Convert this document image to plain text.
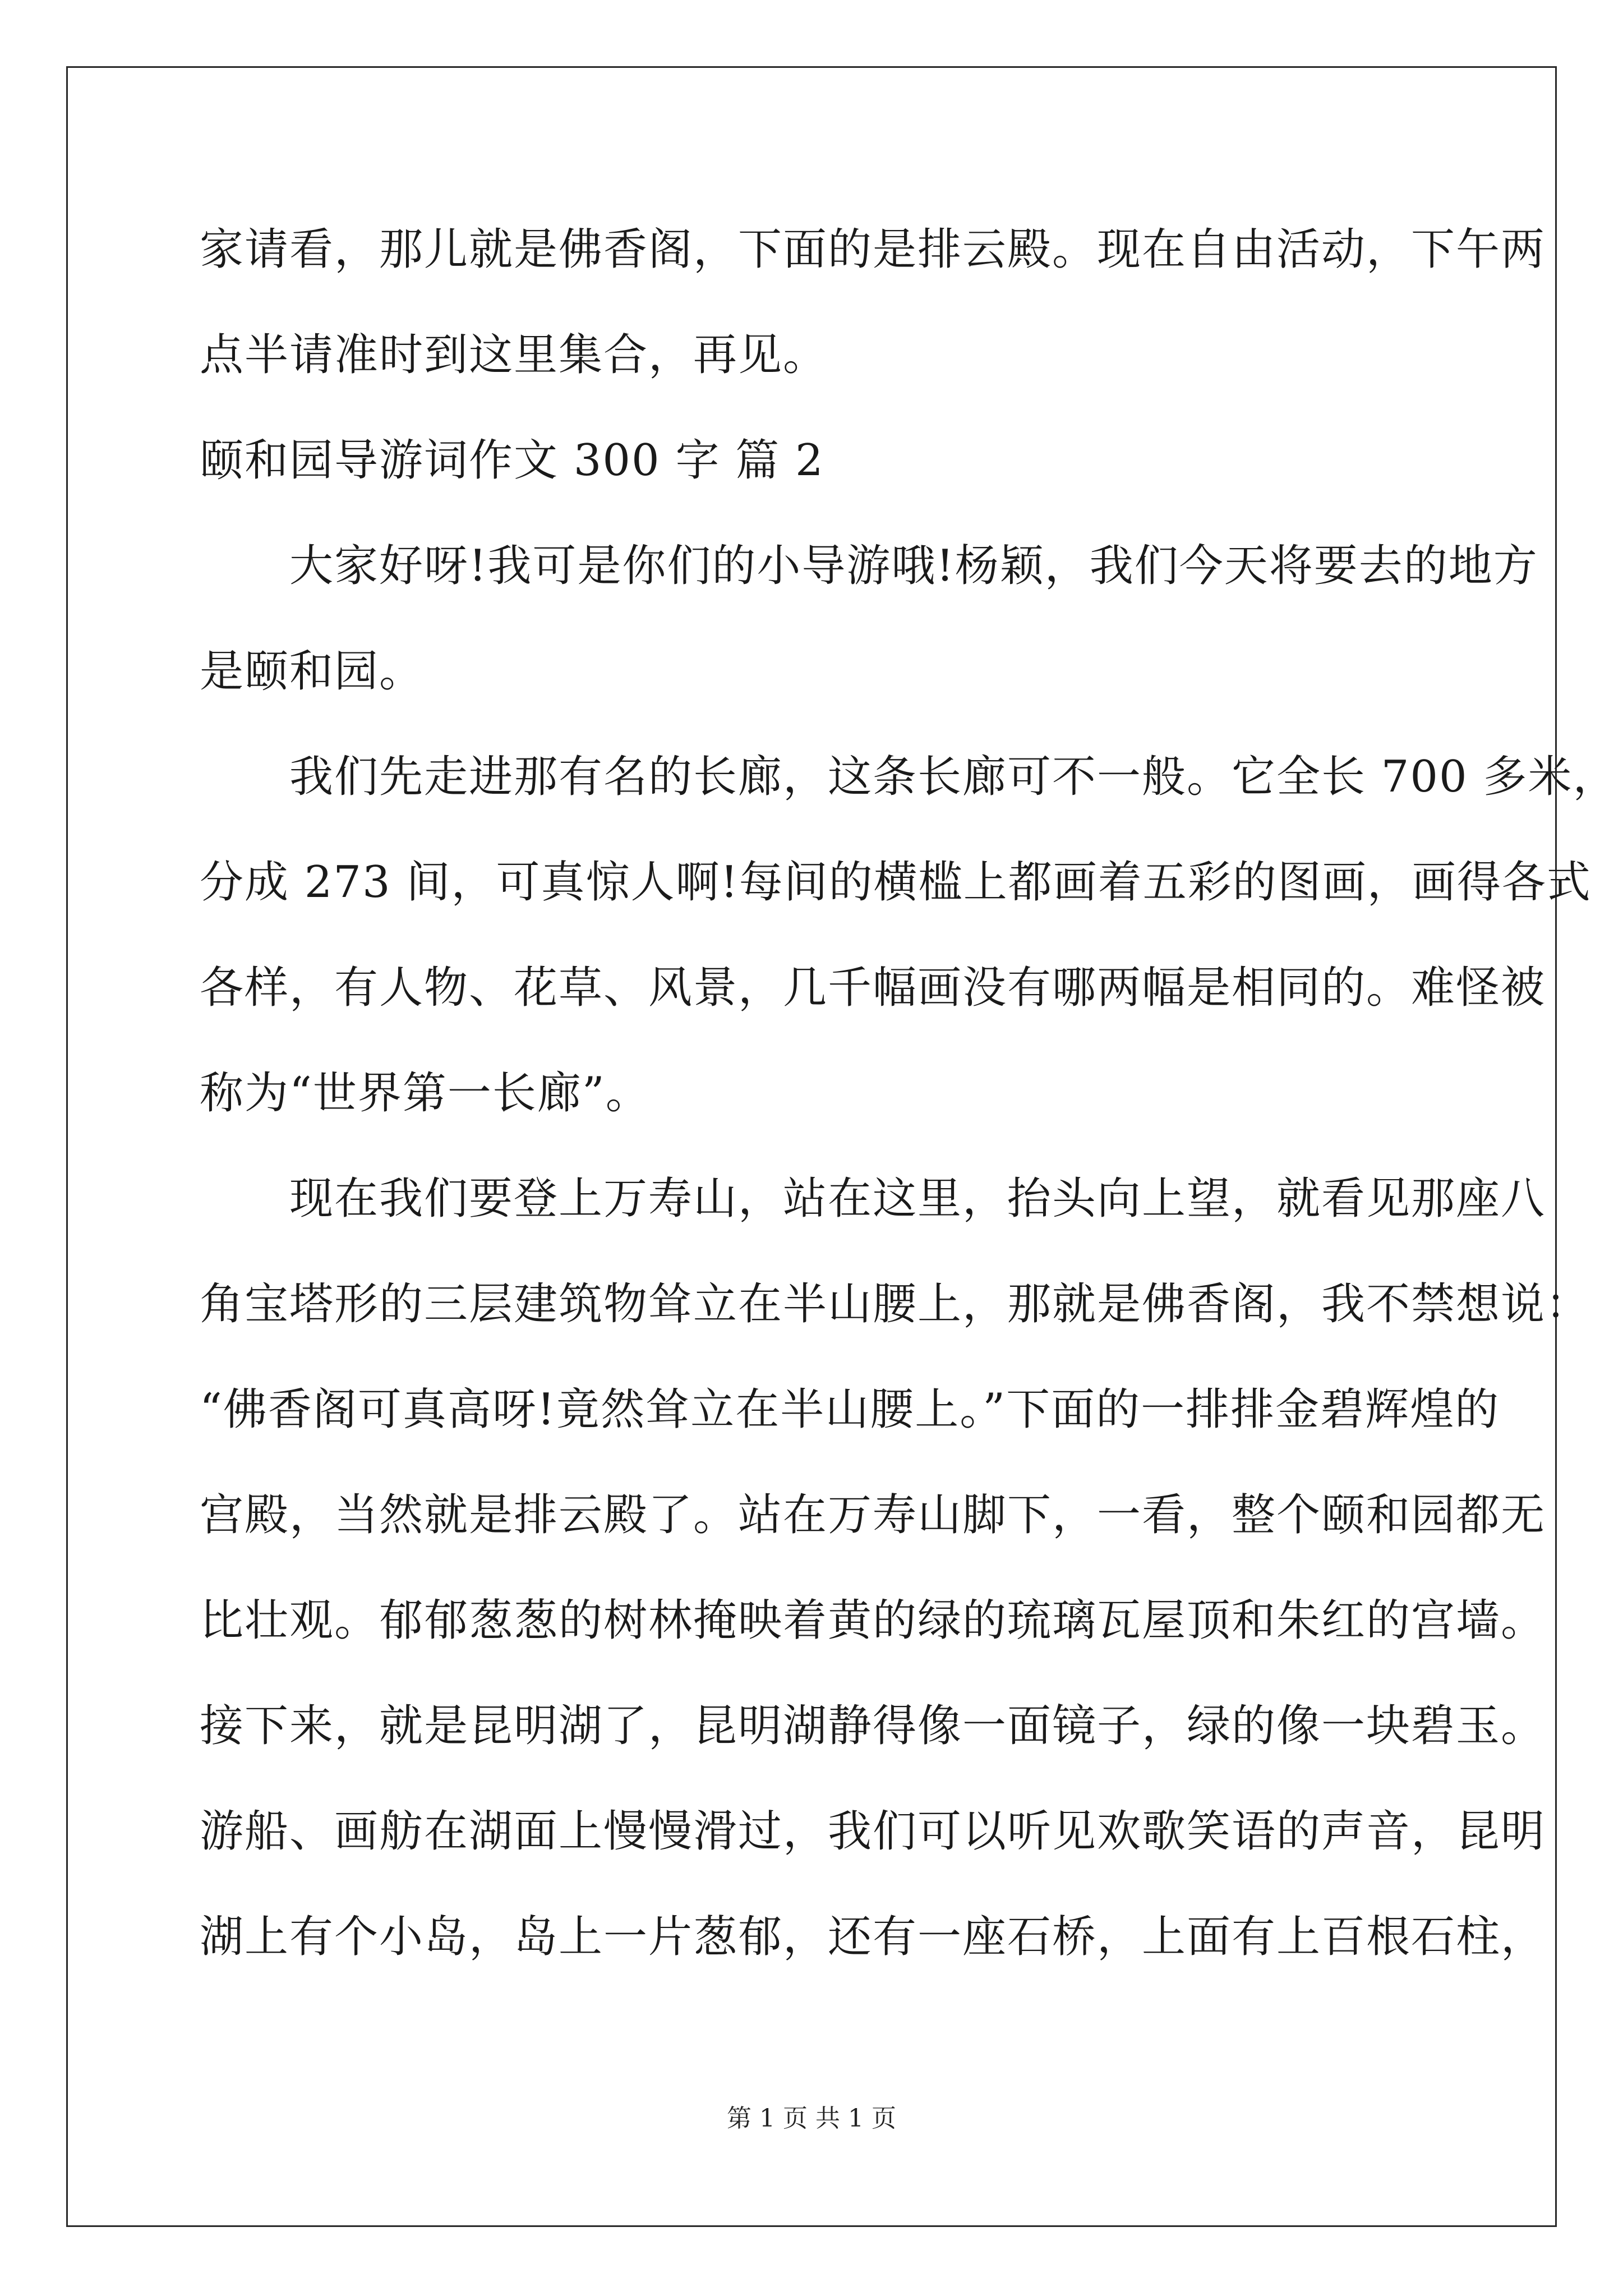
家请看，那儿就是佛香阁，下面的是排云殿。现在自由活动，下午两
点半请准时到这里集合，再见。
颐和园导游词作文 300 字 篇 2
　　大家好呀!我可是你们的小导游哦!杨颖，我们今天将要去的地方
是颐和园。
　　我们先走进那有名的长廊，这条长廊可不一般。它全长 700 多米，
分成 273 间，可真惊人啊!每间的横槛上都画着五彩的图画，画得各式
各样，有人物、花草、风景，几千幅画没有哪两幅是相同的。难怪被
称为“世界第一长廊”。
　　现在我们要登上万寿山，站在这里，抬头向上望，就看见那座八
角宝塔形的三层建筑物耸立在半山腰上，那就是佛香阁，我不禁想说：
“佛香阁可真高呀!竟然耸立在半山腰上。”下面的一排排金碧辉煌的
宫殿，当然就是排云殿了。站在万寿山脚下，一看，整个颐和园都无
比壮观。郁郁葱葱的树林掩映着黄的绿的琉璃瓦屋顶和朱红的宫墙。
接下来，就是昆明湖了，昆明湖静得像一面镜子，绿的像一块碧玉。
游船、画舫在湖面上慢慢滑过，我们可以听见欢歌笑语的声音，昆明
湖上有个小岛，岛上一片葱郁，还有一座石桥，上面有上百根石柱，
第 1 页 共 1 页
